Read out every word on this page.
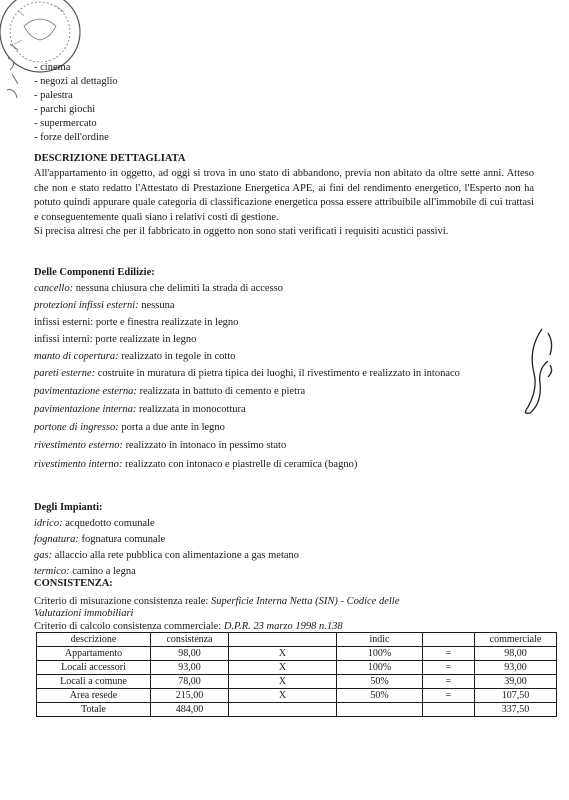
- cinema
- negozi al dettaglio
- palestra
- parchi giochi
- supermercato
- forze dell'ordine
DESCRIZIONE DETTAGLIATA
All'appartamento in oggetto, ad oggi si trova in uno stato di abbandono, previa non abitato da oltre sette anni. Atteso che non e stato redatto l'Attestato di Prestazione Energetica APE, ai fini del rendimento energetico, l'Esperto non ha potuto quindi appurare quale categoria di classificazione energetica possa essere attribuibile all'immobile di cui trattasi e conseguentemente quali siano i relativi costi di gestione.
Si precisa altresi che per il fabbricato in oggetto non sono stati verificati i requisiti acustici passivi.
Delle Componenti Edilizie:
cancello: nessuna chiusura che delimiti la strada di accesso
protezioni infissi esterni: nessuna
infissi esterni: porte e finestra realizzate in legno
infissi interni: porte realizzate in legno
manto di copertura: realizzato in tegole in cotto
pareti esterne: costruite in muratura di pietra tipica dei luoghi, il rivestimento e realizzato in intonaco
pavimentazione esterna: realizzata in battuto di cemento e pietra
pavimentazione interna: realizzata in monocottura
portone di ingresso: porta a due ante in legno
rivestimento esterno: realizzato in intonaco in pessimo stato
rivestimento interno: realizzato con intonaco e piastrelle di ceramica (bagno)
Degli Impianti:
idrico: acquedotto comunale
fognatura: fognatura comunale
gas: allaccio alla rete pubblica con alimentazione a gas metano
termico: camino a legna
CONSISTENZA:
Criterio di misurazione consistenza reale: Superficie Interna Netta (SIN) - Codice delle
Valutazioni immobiliari
Criterio di calcolo consistenza commerciale: D.P.R. 23 marzo 1998 n.138
descrizione	consistenza		indic		commerciale
Appartamento	98,00	X	100%	=	98,00
Locali accessori	93,00	X	100%	=	93,00
Locali a comune	78,00	X	50%	=	39,00
Area resede	215,00	X	50%	=	107,50
Totale	484,00				337,50
